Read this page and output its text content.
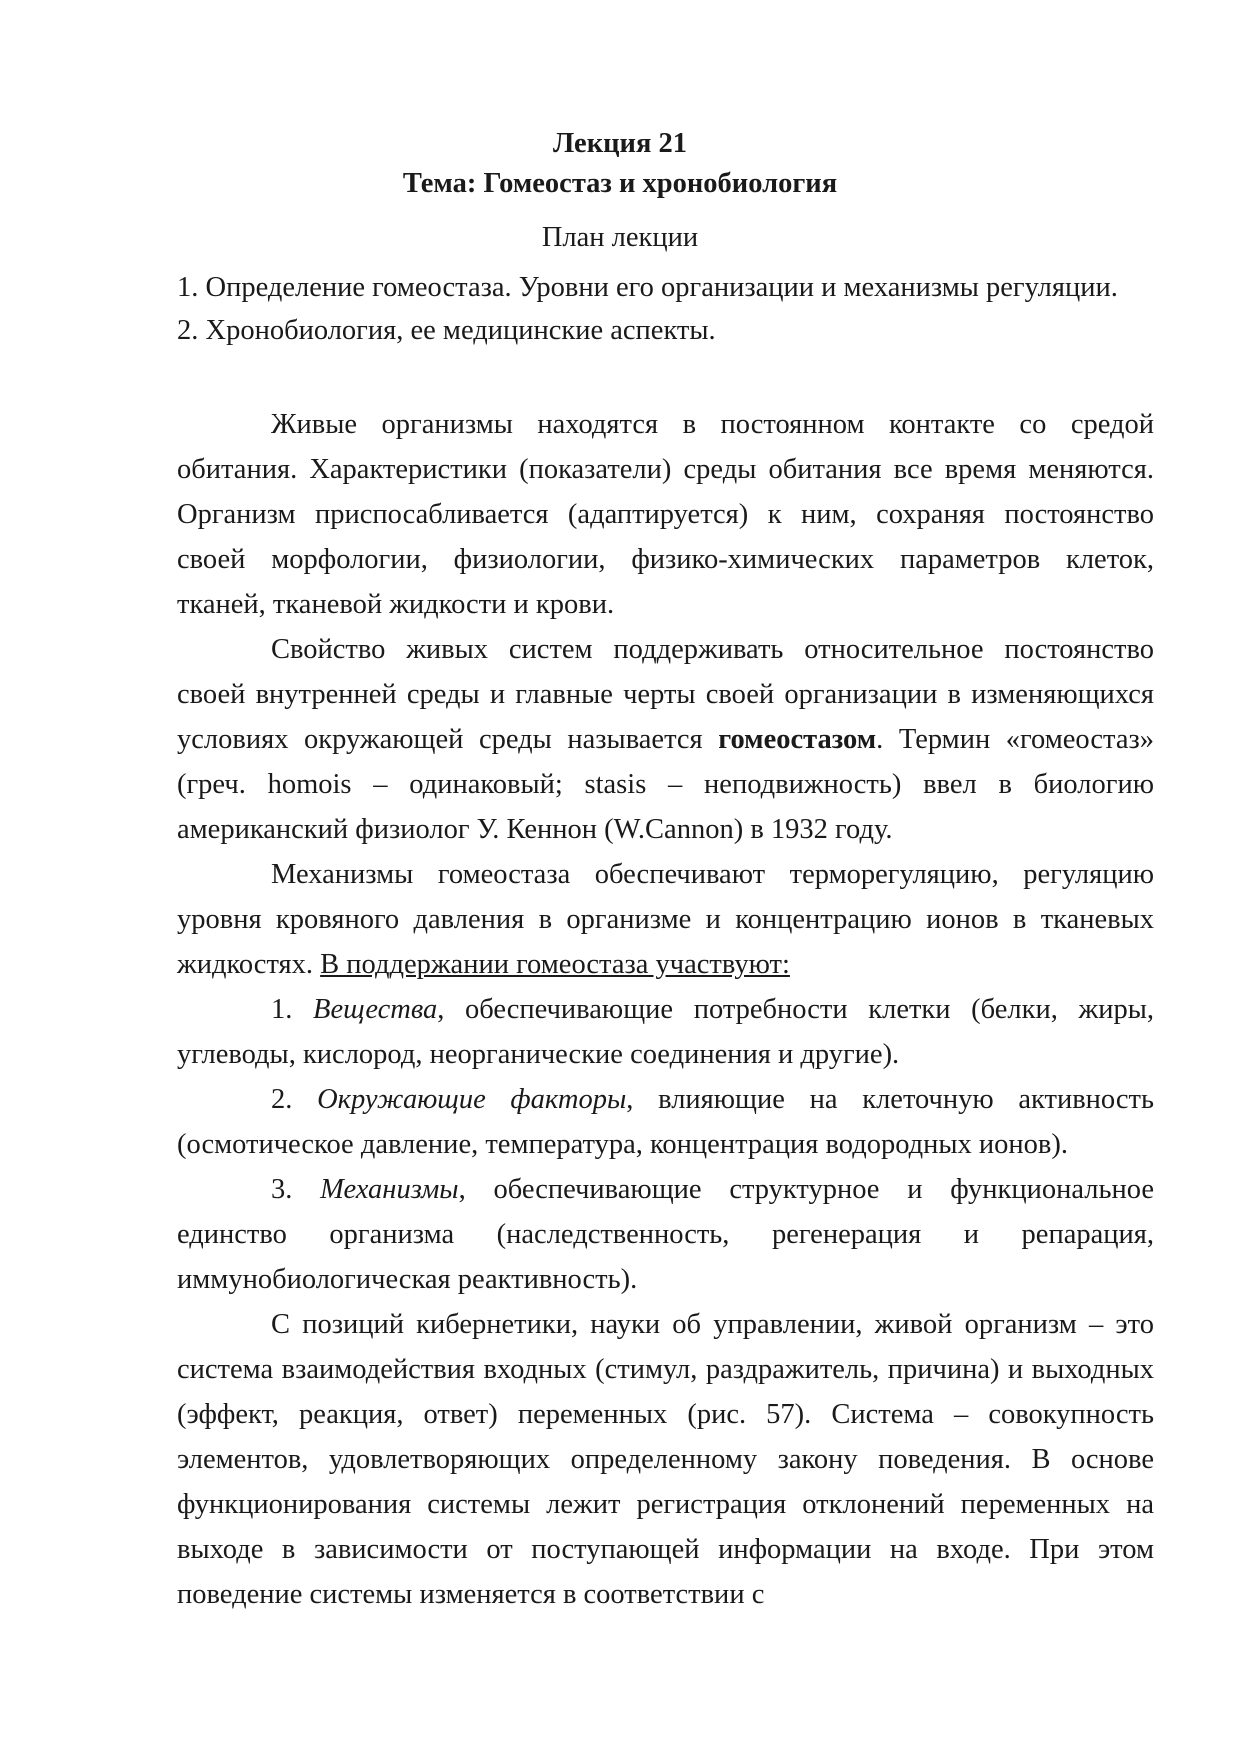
Лекция 21
Тема: Гомеостаз и хронобиология
План лекции
1. Определение гомеостаза. Уровни его организации и механизмы регуляции.
2. Хронобиология, ее медицинские аспекты.

Живые организмы находятся в постоянном контакте со средой обитания. Характеристики (показатели) среды обитания все время меняются. Организм приспосабливается (адаптируется) к ним, сохраняя постоянство своей морфологии, физиологии, физико-химических параметров клеток, тканей, тканевой жидкости и крови.

Свойство живых систем поддерживать относительное постоянство своей внутренней среды и главные черты своей организации в изменяющихся условиях окружающей среды называется гомеостазом. Термин «гомеостаз» (греч. homois – одинаковый; stasis – неподвижность) ввел в биологию американский физиолог У. Кеннон (W.Cannon) в 1932 году.

Механизмы гомеостаза обеспечивают терморегуляцию, регуляцию уровня кровяного давления в организме и концентрацию ионов в тканевых жидкостях. В поддержании гомеостаза участвуют:

1. Вещества, обеспечивающие потребности клетки (белки, жиры, углеводы, кислород, неорганические соединения и другие).

2. Окружающие факторы, влияющие на клеточную активность (осмотическое давление, температура, концентрация водородных ионов).

3. Механизмы, обеспечивающие структурное и функциональное единство организма (наследственность, регенерация и репарация, иммунобиологическая реактивность).

С позиций кибернетики, науки об управлении, живой организм – это система взаимодействия входных (стимул, раздражитель, причина) и выходных (эффект, реакция, ответ) переменных (рис. 57). Система – совокупность элементов, удовлетворяющих определенному закону поведения. В основе функционирования системы лежит регистрация отклонений переменных на выходе в зависимости от поступающей информации на входе. При этом поведение системы изменяется в соответствии с
